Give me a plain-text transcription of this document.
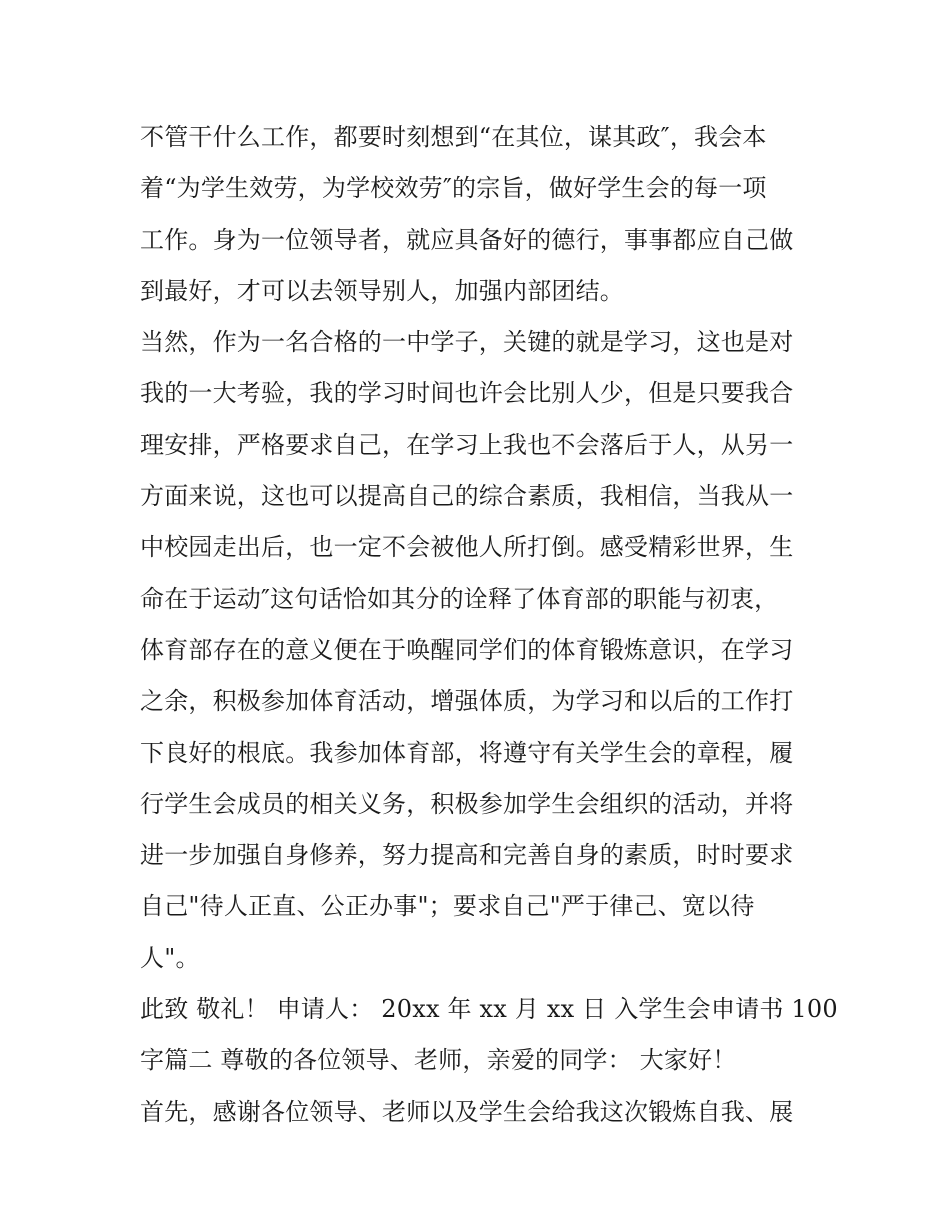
不管干什么工作，都要时刻想到“在其位，谋其政″，我会本
着“为学生效劳，为学校效劳″的宗旨，做好学生会的每一项
工作。身为一位领导者，就应具备好的德行，事事都应自己做
到最好，才可以去领导别人，加强内部团结。
当然，作为一名合格的一中学子，关键的就是学习，这也是对
我的一大考验，我的学习时间也许会比别人少，但是只要我合
理安排，严格要求自己，在学习上我也不会落后于人，从另一
方面来说，这也可以提高自己的综合素质，我相信，当我从一
中校园走出后，也一定不会被他人所打倒。感受精彩世界，生
命在于运动″这句话恰如其分的诠释了体育部的职能与初衷，
体育部存在的意义便在于唤醒同学们的体育锻炼意识，在学习
之余，积极参加体育活动，增强体质，为学习和以后的工作打
下良好的根底。我参加体育部，将遵守有关学生会的章程，履
行学生会成员的相关义务，积极参加学生会组织的活动，并将
进一步加强自身修养，努力提高和完善自身的素质，时时要求
自己"待人正直、公正办事"；要求自己"严于律己、宽以待
人"。
此致 敬礼！ 申请人： 20xx 年 xx 月 xx 日 入学生会申请书 100
字篇二 尊敬的各位领导、老师，亲爱的同学： 大家好！
首先，感谢各位领导、老师以及学生会给我这次锻炼自我、展
